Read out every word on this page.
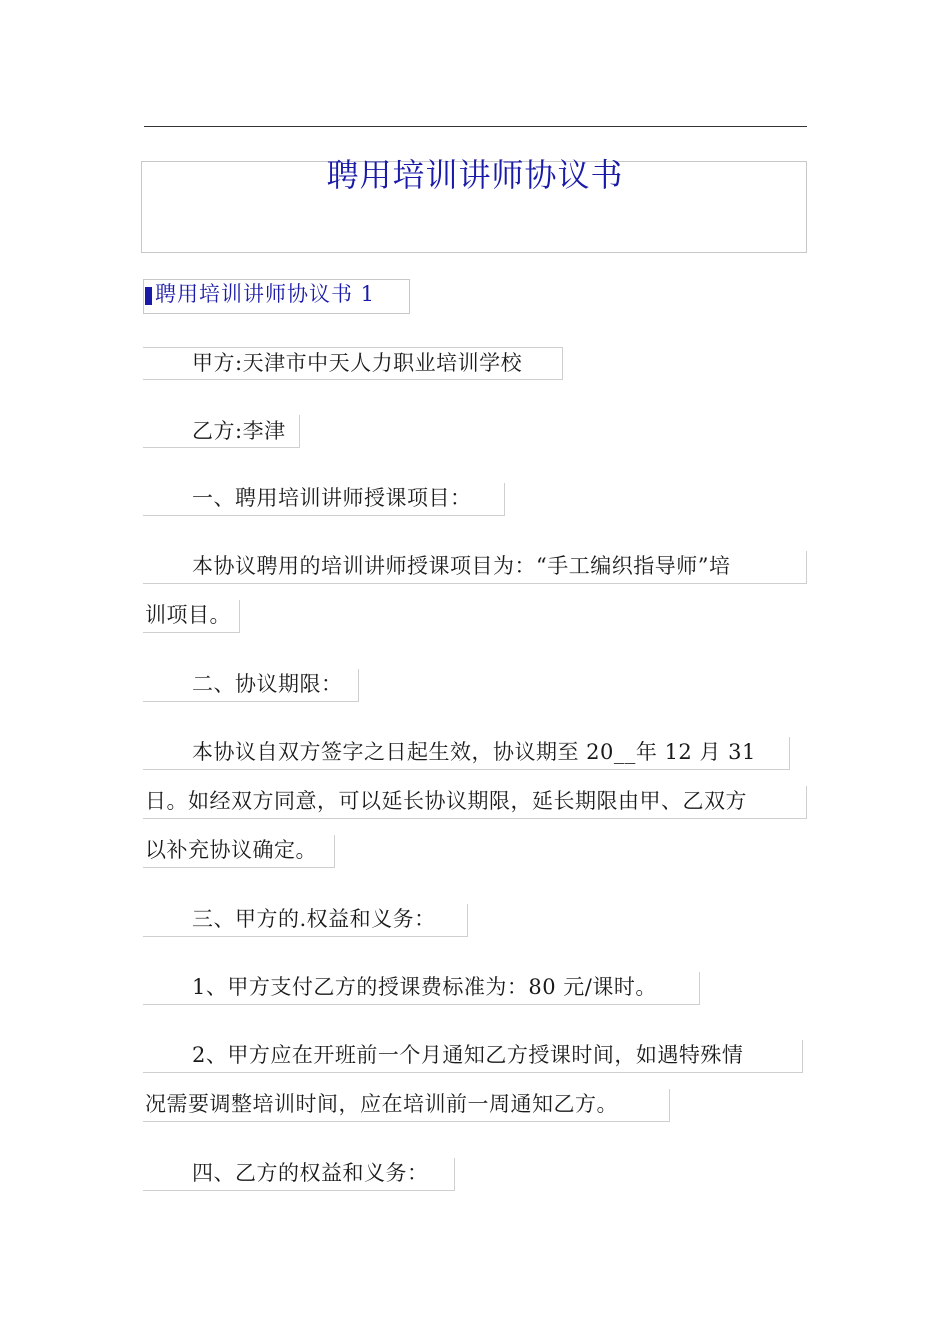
聘用培训讲师协议书
聘用培训讲师协议书 1
甲方:天津市中天人力职业培训学校
乙方:李津
一、聘用培训讲师授课项目：
本协议聘用的培训讲师授课项目为：“手工编织指导师”培
训项目。
二、协议期限：
本协议自双方签字之日起生效，协议期至 20__年 12 月 31
日。如经双方同意，可以延长协议期限，延长期限由甲、乙双方
以补充协议确定。
三、甲方的.权益和义务：
1、甲方支付乙方的授课费标准为：80 元/课时。
2、甲方应在开班前一个月通知乙方授课时间，如遇特殊情
况需要调整培训时间，应在培训前一周通知乙方。
四、乙方的权益和义务：
